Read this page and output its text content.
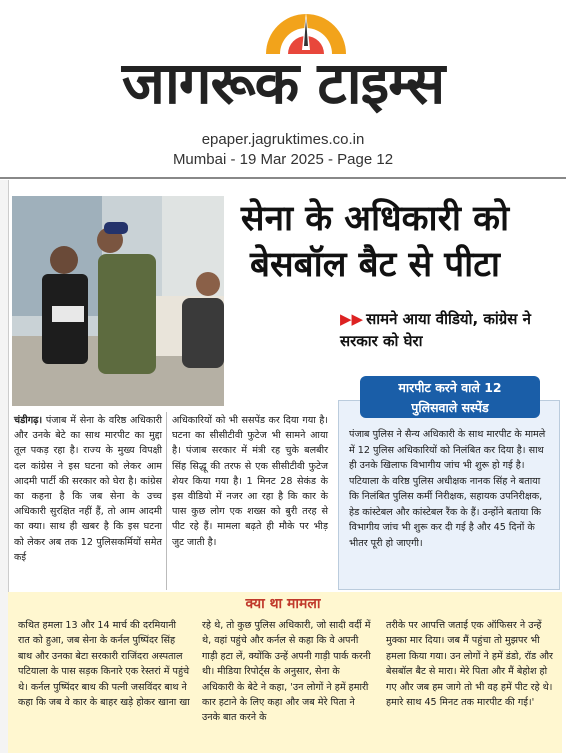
जागरूक टाइम्स
epaper.jagruktimes.co.in
Mumbai - 19 Mar 2025 - Page 12
सेना के अधिकारी को
बेसबॉल बैट से पीटा
▶▶ सामने आया वीडियो, कांग्रेस ने सरकार को घेरा
चंडीगढ़। पंजाब में सेना के वरिष्ठ अधिकारी और उनके बेटे का साथ मारपीट का मुद्दा तूल पकड़ रहा है। राज्य के मुख्य विपक्षी दल कांग्रेस ने इस घटना को लेकर आम आदमी पार्टी की सरकार को घेरा है। कांग्रेस का कहना है कि जब सेना के उच्च अधिकारी सुरक्षित नहीं हैं, तो आम आदमी का क्या। साथ ही खबर है कि इस घटना को लेकर अब तक 12 पुलिसकर्मियों समेत कई
अधिकारियों को भी ससपेंड कर दिया गया है। घटना का सीसीटीवी फुटेज भी सामने आया है। पंजाब सरकार में मंत्री रह चुके बलबीर सिंह सिद्धू की तरफ से एक सीसीटीवी फुटेज शेयर किया गया है। 1 मिनट 28 सेकंड के इस वीडियो में नजर आ रहा है कि कार के पास कुछ लोग एक शख्स को बुरी तरह से पीट रहे हैं। मामला बढ़ते ही मौके पर भीड़ जुट जाती है।
पंजाब पुलिस ने सैन्य अधिकारी के साथ मारपीट के मामले में 12 पुलिस अधिकारियों को निलंबित कर दिया है। साथ ही उनके खिलाफ विभागीय जांच भी शुरू हो गई है। पटियाला के वरिष्ठ पुलिस अधीक्षक नानक सिंह ने बताया कि निलंबित पुलिस कर्मी निरीक्षक, सहायक उपनिरीक्षक, हेड कांस्टेबल और कांस्टेबल रैंक के हैं। उन्होंने बताया कि विभागीय जांच भी शुरू कर दी गई है और 45 दिनों के भीतर पूरी हो जाएगी।
मारपीट करने वाले 12
पुलिसवाले सस्पेंड
क्या था मामला
कथित हमला 13 और 14 मार्च की दरमियानी रात को हुआ, जब सेना के कर्नल पुष्पिंदर सिंह बाथ और उनका बेटा सरकारी राजिंदरा अस्पताल पटियाला के पास सड़क किनारे एक रेस्तरां में पहुंचे थे। कर्नल पुष्पिंदर बाथ की पत्नी जसविंदर बाथ ने कहा कि जब वे कार के बाहर खड़े होकर खाना खा
रहे थे, तो कुछ पुलिस अधिकारी, जो सादी वर्दी में थे, वहां पहुंचे और कर्नल से कहा कि वे अपनी गाड़ी हटा लें, क्योंकि उन्हें अपनी गाड़ी पार्क करनी थी। मीडिया रिपोर्ट्स के अनुसार, सेना के अधिकारी के बेटे ने कहा, 'उन लोगों ने हमें हमारी कार हटाने के लिए कहा और जब मेरे पिता ने उनके बात करने के
तरीके पर आपत्ति जताई एक ऑफिसर ने उन्हें मुक्का मार दिया। जब मैं पहुंचा तो मुझपर भी हमला किया गया। उन लोगों ने हमें डंडो, रॉड और बेसबॉल बैट से मारा। मेरे पिता और मैं बेहोश हो गए और जब हम जागे तो भी वह हमें पीट रहे थे। हमारे साथ 45 मिनट तक मारपीट की गई।'
